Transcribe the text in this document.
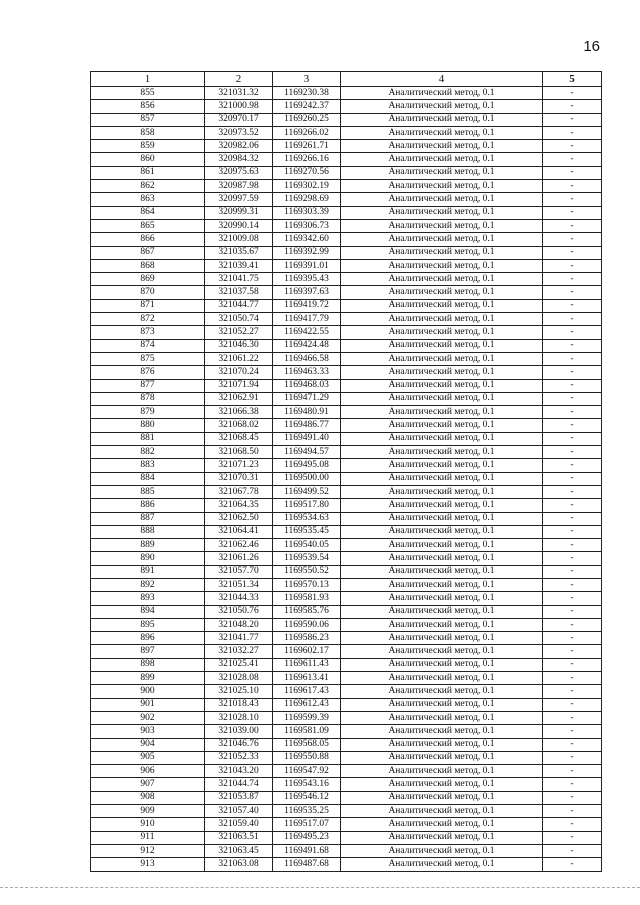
16
1	2	3	4	5
855	321031.32	1169230.38	Аналитический метод, 0.1	-
856	321000.98	1169242.37	Аналитический метод, 0.1	-
857	320970.17	1169260.25	Аналитический метод, 0.1	-
858	320973.52	1169266.02	Аналитический метод, 0.1	-
859	320982.06	1169261.71	Аналитический метод, 0.1	-
860	320984.32	1169266.16	Аналитический метод, 0.1	-
861	320975.63	1169270.56	Аналитический метод, 0.1	-
862	320987.98	1169302.19	Аналитический метод, 0.1	-
863	320997.59	1169298.69	Аналитический метод, 0.1	-
864	320999.31	1169303.39	Аналитический метод, 0.1	-
865	320990.14	1169306.73	Аналитический метод, 0.1	-
866	321009.08	1169342.60	Аналитический метод, 0.1	-
867	321035.67	1169392.99	Аналитический метод, 0.1	-
868	321039.41	1169391.01	Аналитический метод, 0.1	-
869	321041.75	1169395.43	Аналитический метод, 0.1	-
870	321037.58	1169397.63	Аналитический метод, 0.1	-
871	321044.77	1169419.72	Аналитический метод, 0.1	-
872	321050.74	1169417.79	Аналитический метод, 0.1	-
873	321052.27	1169422.55	Аналитический метод, 0.1	-
874	321046.30	1169424.48	Аналитический метод, 0.1	-
875	321061.22	1169466.58	Аналитический метод, 0.1	-
876	321070.24	1169463.33	Аналитический метод, 0.1	-
877	321071.94	1169468.03	Аналитический метод, 0.1	-
878	321062.91	1169471.29	Аналитический метод, 0.1	-
879	321066.38	1169480.91	Аналитический метод, 0.1	-
880	321068.02	1169486.77	Аналитический метод, 0.1	-
881	321068.45	1169491.40	Аналитический метод, 0.1	-
882	321068.50	1169494.57	Аналитический метод, 0.1	-
883	321071.23	1169495.08	Аналитический метод, 0.1	-
884	321070.31	1169500.00	Аналитический метод, 0.1	-
885	321067.78	1169499.52	Аналитический метод, 0.1	-
886	321064.35	1169517.80	Аналитический метод, 0.1	-
887	321062.50	1169534.63	Аналитический метод, 0.1	-
888	321064.41	1169535.45	Аналитический метод, 0.1	-
889	321062.46	1169540.05	Аналитический метод, 0.1	-
890	321061.26	1169539.54	Аналитический метод, 0.1	-
891	321057.70	1169550.52	Аналитический метод, 0.1	-
892	321051.34	1169570.13	Аналитический метод, 0.1	-
893	321044.33	1169581.93	Аналитический метод, 0.1	-
894	321050.76	1169585.76	Аналитический метод, 0.1	-
895	321048.20	1169590.06	Аналитический метод, 0.1	-
896	321041.77	1169586.23	Аналитический метод, 0.1	-
897	321032.27	1169602.17	Аналитический метод, 0.1	-
898	321025.41	1169611.43	Аналитический метод, 0.1	-
899	321028.08	1169613.41	Аналитический метод, 0.1	-
900	321025.10	1169617.43	Аналитический метод, 0.1	-
901	321018.43	1169612.43	Аналитический метод, 0.1	-
902	321028.10	1169599.39	Аналитический метод, 0.1	-
903	321039.00	1169581.09	Аналитический метод, 0.1	-
904	321046.76	1169568.05	Аналитический метод, 0.1	-
905	321052.33	1169550.88	Аналитический метод, 0.1	-
906	321043.20	1169547.92	Аналитический метод, 0.1	-
907	321044.74	1169543.16	Аналитический метод, 0.1	-
908	321053.87	1169546.12	Аналитический метод, 0.1	-
909	321057.40	1169535.25	Аналитический метод, 0.1	-
910	321059.40	1169517.07	Аналитический метод, 0.1	-
911	321063.51	1169495.23	Аналитический метод, 0.1	-
912	321063.45	1169491.68	Аналитический метод, 0.1	-
913	321063.08	1169487.68	Аналитический метод, 0.1	-
